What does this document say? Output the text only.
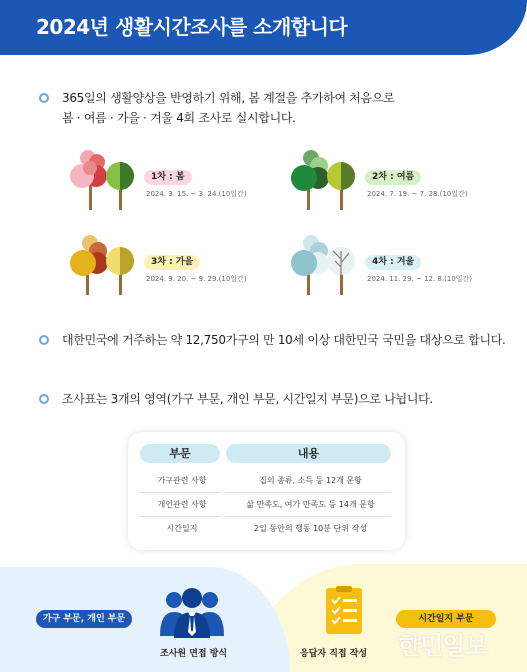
2024년 생활시간조사를 소개합니다
365일의 생활양상을 반영하기 위해, 봄 계절을 추가하여 처음으로
봄 · 여름 · 가을 · 겨울 4회 조사로 실시합니다.
1차 : 봄
2024. 3. 15. ~ 3. 24.(10일간)
2차 : 여름
2024. 7. 19. ~ 7. 28.(10일간)
3차 : 가을
2024. 9. 20. ~ 9. 29.(10일간)
4차 : 겨울
2024. 11. 29. ~ 12. 8.(10일간)
대한민국에 거주하는 약 12,750가구의 만 10세 이상 대한민국 국민을 대상으로 합니다.
조사표는 3개의 영역(가구 부문, 개인 부문, 시간일지 부문)으로 나뉩니다.
부문	내용
가구관련 사항	집의 종류, 소득 등 12개 문항
개인관련 사항	삶 만족도, 여가 만족도 등 14개 문항
시간일지	2일 동안의 행동 10분 단위 작성
가구 부문, 개인 부문
조사원 면접 방식	응답자 직접 작성
시간일지 부문
한민일보
